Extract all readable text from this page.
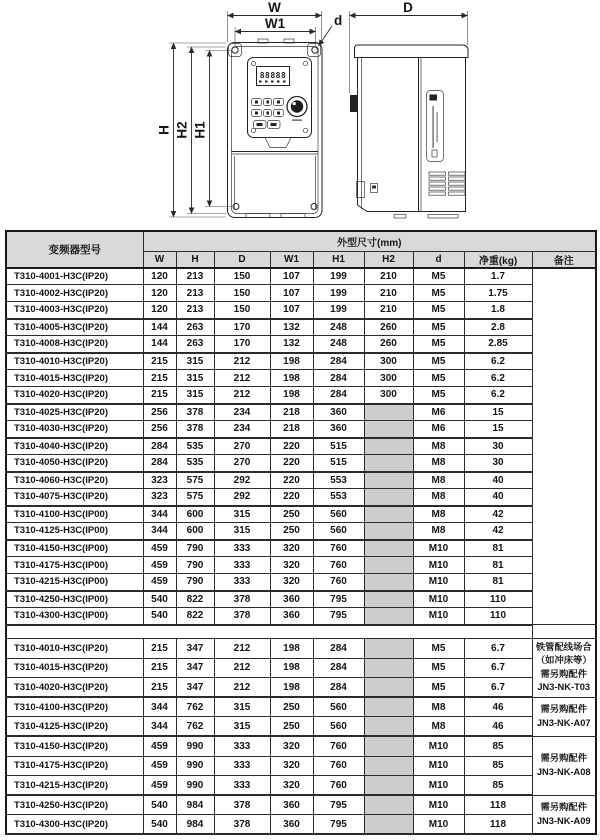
88888
W
W1	d
H H2 H1
D
变频器型号	外型尺寸(mm)								
	W	H	D	W1	H1	H2	d	净重(kg)	备注
T310-4001-H3C(IP20)	120	213	150	107	199	210	M5	1.7	
T310-4002-H3C(IP20)	120	213	150	107	199	210	M5	1.75	
T310-4003-H3C(IP20)	120	213	150	107	199	210	M5	1.8	
T310-4005-H3C(IP20)	144	263	170	132	248	260	M5	2.8	
T310-4008-H3C(IP20)	144	263	170	132	248	260	M5	2.85	
T310-4010-H3C(IP20)	215	315	212	198	284	300	M5	6.2	
T310-4015-H3C(IP20)	215	315	212	198	284	300	M5	6.2	
T310-4020-H3C(IP20)	215	315	212	198	284	300	M5	6.2	
T310-4025-H3C(IP20)	256	378	234	218	360		M6	15	
T310-4030-H3C(IP20)	256	378	234	218	360		M6	15	
T310-4040-H3C(IP20)	284	535	270	220	515		M8	30	
T310-4050-H3C(IP20)	284	535	270	220	515		M8	30	
T310-4060-H3C(IP20)	323	575	292	220	553		M8	40	
T310-4075-H3C(IP20)	323	575	292	220	553		M8	40	
T310-4100-H3C(IP00)	344	600	315	250	560		M8	42	
T310-4125-H3C(IP00)	344	600	315	250	560		M8	42	
T310-4150-H3C(IP00)	459	790	333	320	760		M10	81	
T310-4175-H3C(IP00)	459	790	333	320	760		M10	81	
T310-4215-H3C(IP00)	459	790	333	320	760		M10	81	
T310-4250-H3C(IP00)	540	822	378	360	795		M10	110	
T310-4300-H3C(IP00)	540	822	378	360	795		M10	110	

T310-4010-H3C(IP20)	215	347	212	198	284		M5	6.7	铁管配线场合
（如冲床等）
需另购配件
JN3-NK-T03

T310-4015-H3C(IP20)	215	347	212	198	284		M5	6.7	
T310-4020-H3C(IP20)	215	347	212	198	284		M5	6.7	
T310-4100-H3C(IP20)	344	762	315	250	560		M8	46	需另购配件
JN3-NK-A07

T310-4125-H3C(IP20)	344	762	315	250	560		M8	46	
T310-4150-H3C(IP20)	459	990	333	320	760		M10	85	需另购配件
JN3-NK-A08

T310-4175-H3C(IP20)	459	990	333	320	760		M10	85	
T310-4215-H3C(IP20)	459	990	333	320	760		M10	85	
T310-4250-H3C(IP20)	540	984	378	360	795		M10	118	需另购配件
JN3-NK-A09

T310-4300-H3C(IP20)	540	984	378	360	795		M10	118	
